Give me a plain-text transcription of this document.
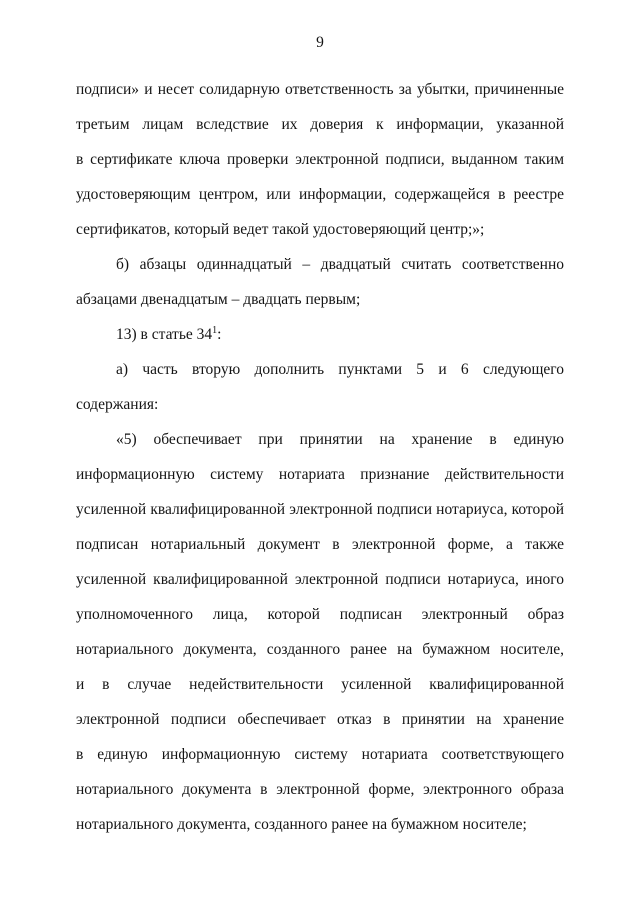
9
подписи» и несет солидарную ответственность за убытки, причиненные
третьим лицам вследствие их доверия к информации, указанной
в сертификате ключа проверки электронной подписи, выданном таким
удостоверяющим центром, или информации, содержащейся в реестре
сертификатов, который ведет такой удостоверяющий центр;»;
б) абзацы одиннадцатый – двадцатый считать соответственно
абзацами двенадцатым – двадцать первым;
13) в статье $34^1$:
а) часть вторую дополнить пунктами 5 и 6 следующего содержания:
«5) обеспечивает при принятии на хранение в единую
информационную систему нотариата признание действительности
усиленной квалифицированной электронной подписи нотариуса, которой
подписан нотариальный документ в электронной форме, а также
усиленной квалифицированной электронной подписи нотариуса, иного
уполномоченного лица, которой подписан электронный образ
нотариального документа, созданного ранее на бумажном носителе,
и в случае недействительности усиленной квалифицированной
электронной подписи обеспечивает отказ в принятии на хранение
в единую информационную систему нотариата соответствующего
нотариального документа в электронной форме, электронного образа
нотариального документа, созданного ранее на бумажном носителе;
